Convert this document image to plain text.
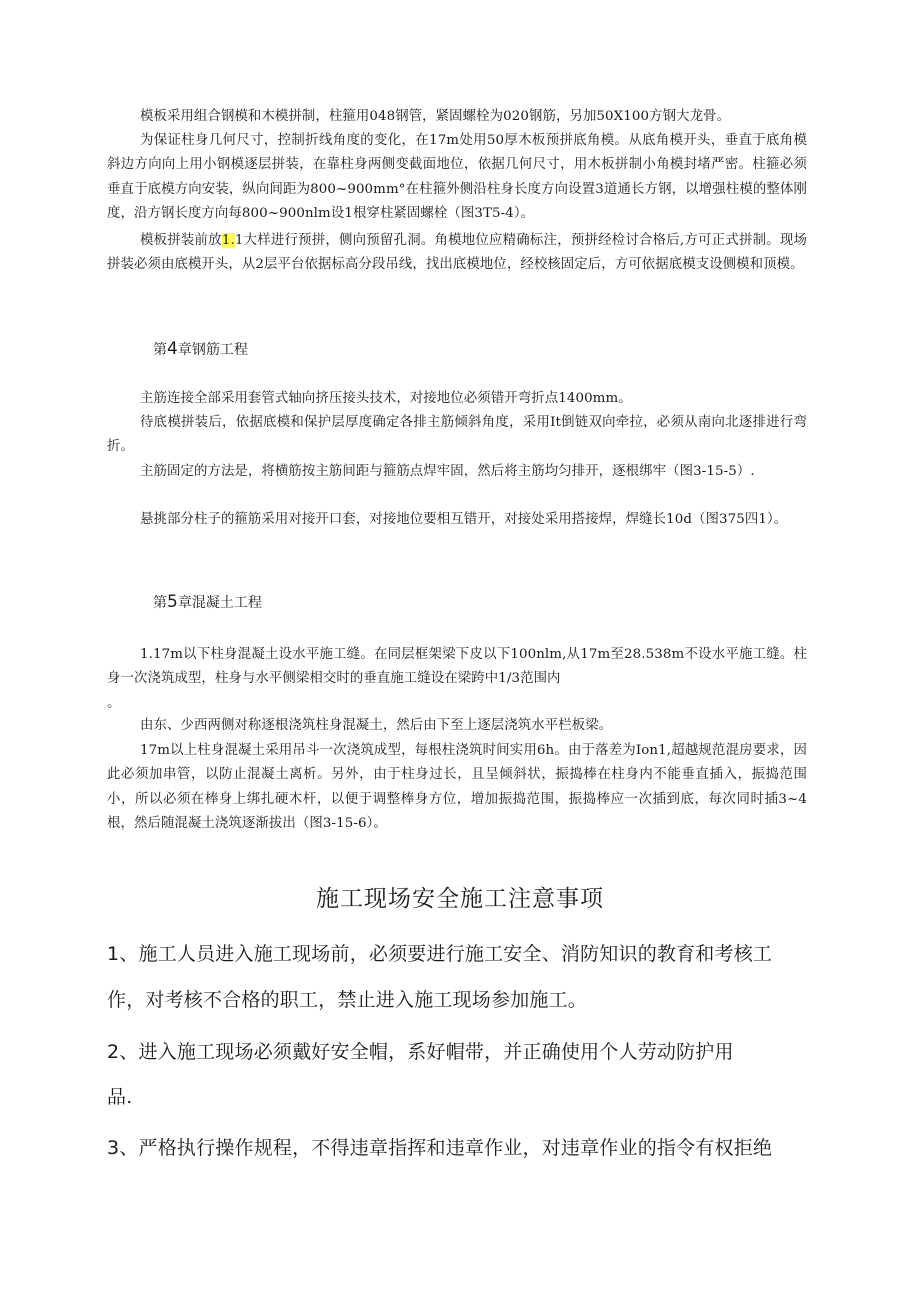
模板采用组合钢模和木模拼制，柱箍用048钢管，紧固螺栓为020钢筋，另加50X100方钢大龙骨。

为保证柱身几何尺寸，控制折线角度的变化，在17m处用50厚木板预拼底角模。从底角模开头，垂直于底角模斜边方向向上用小钢模逐层拼装，在靠柱身两侧变截面地位，依据几何尺寸，用木板拼制小角模封堵严密。柱箍必须垂直于底模方向安装，纵向间距为800~900mm°在柱箍外侧沿柱身长度方向设置3道通长方钢，以增强柱模的整体刚度，沿方钢长度方向每800~900nlm设1根穿柱紧固螺栓（图3T5-4）。

模板拼装前放1.1大样进行预拼，侧向预留孔洞。角模地位应精确标注，预拼经检讨合格后,方可正式拼制。现场拼装必须由底模开头，从2层平台依据标高分段吊线，找出底模地位，经校核固定后，方可依据底模支设侧模和顶模。

第4章钢筋工程

主筋连接全部采用套管式轴向挤压接头技术，对接地位必须错开弯折点1400mm。

待底模拼装后，依据底模和保护层厚度确定各排主筋倾斜角度，采用It倒链双向牵拉，必须从南向北逐排进行弯折。

主筋固定的方法是，将横筋按主筋间距与箍筋点焊牢固，然后将主筋均匀排开，逐根绑牢（图3-15-5）.

悬挑部分柱子的箍筋采用对接开口套，对接地位要相互错开，对接处采用搭接焊，焊缝长10d（图375四1）。

第5章混凝土工程

1.17m以下柱身混凝土设水平施工缝。在同层框架梁下皮以下100nlm,从17m至28.538m不设水平施工缝。柱身一次浇筑成型，柱身与水平侧梁相交时的垂直施工缝设在梁跨中1/3范围内

。

由东、少西两侧对称逐根浇筑柱身混凝土，然后由下至上逐层浇筑水平栏板梁。

17m以上柱身混凝土采用吊斗一次浇筑成型，每根柱浇筑时间实用6h。由于落差为Ion1,超越规范混房要求，因此必须加串管，以防止混凝土离析。另外，由于柱身过长，且呈倾斜状，振捣棒在柱身内不能垂直插入，振捣范围小，所以必须在棒身上绑扎硬木杆，以便于调整棒身方位，增加振捣范围，振捣棒应一次插到底，每次同时插3~4根，然后随混凝土浇筑逐渐拔出（图3-15-6）。

施工现场安全施工注意事项

1、施工人员进入施工现场前，必须要进行施工安全、消防知识的教育和考核工

作，对考核不合格的职工，禁止进入施工现场参加施工。

2、进入施工现场必须戴好安全帽，系好帽带，并正确使用个人劳动防护用

品.

3、严格执行操作规程，不得违章指挥和违章作业，对违章作业的指令有权拒绝
